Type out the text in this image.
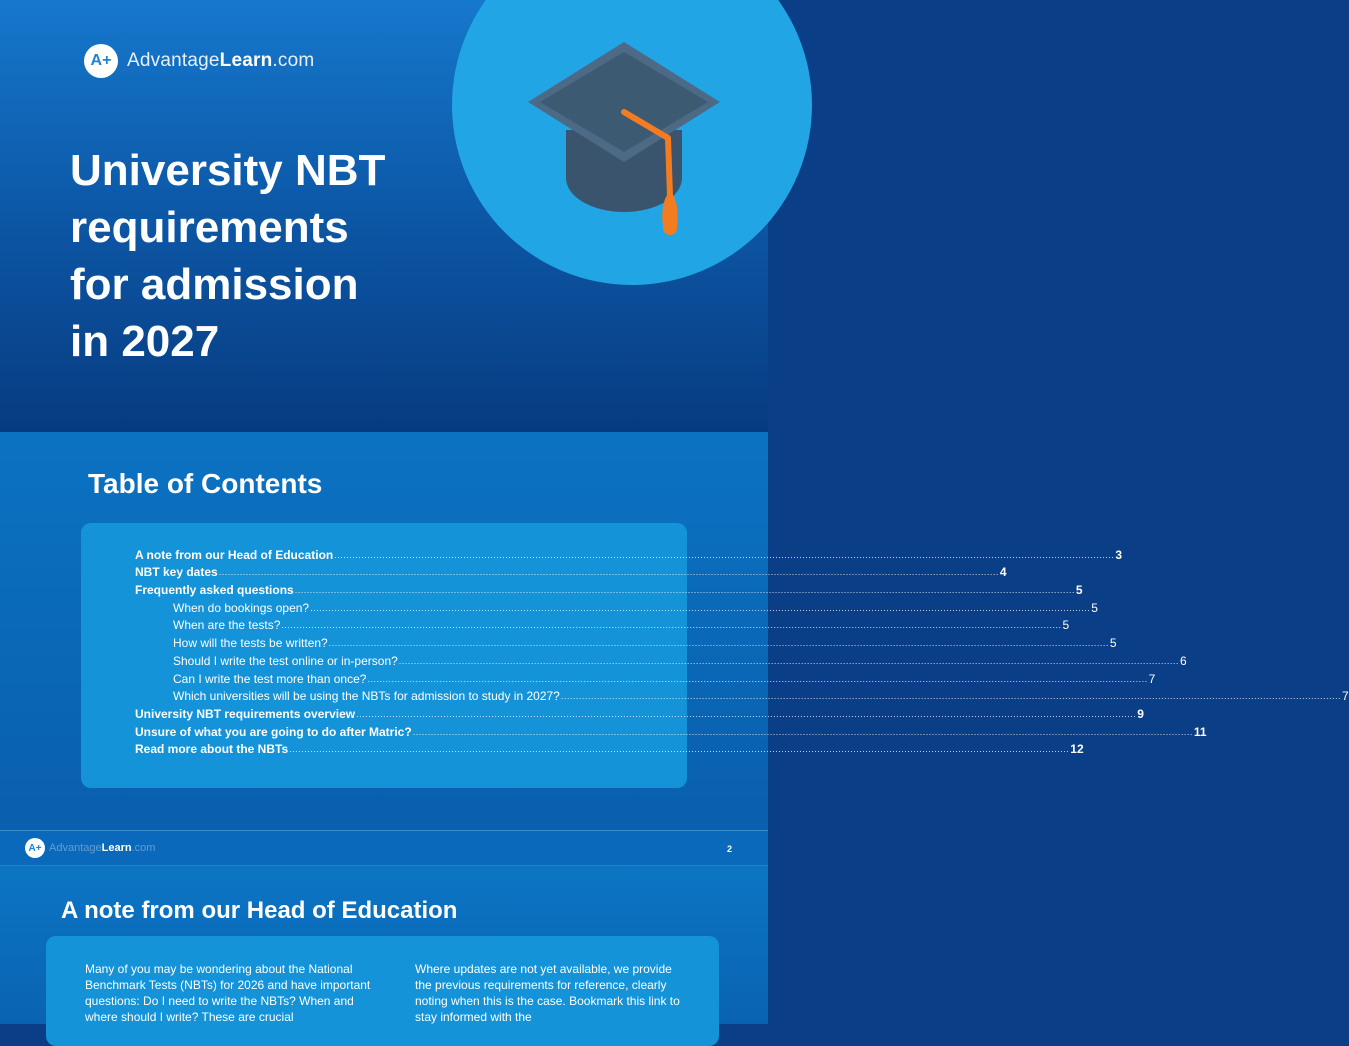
A+ AdvantageLearn.com
University NBT
requirements
for admission
in 2027
Table of Contents
A note from our Head of Education .................................................................................................................................................................................................................................................................... 3
NBT key dates .................................................................................................................................................................................................................................................................... 4
Frequently asked questions .................................................................................................................................................................................................................................................................... 5
When do bookings open? .................................................................................................................................................................................................................................................................... 5
When are the tests? .................................................................................................................................................................................................................................................................... 5
How will the tests be written? .................................................................................................................................................................................................................................................................... 5
Should I write the test online or in-person? .................................................................................................................................................................................................................................................................... 6
Can I write the test more than once? .................................................................................................................................................................................................................................................................... 7
Which universities will be using the NBTs for admission to study in 2027? .................................................................................................................................................................................................................................................................... 7
University NBT requirements overview .................................................................................................................................................................................................................................................................... 9
Unsure of what you are going to do after Matric? .................................................................................................................................................................................................................................................................... 11
Read more about the NBTs .................................................................................................................................................................................................................................................................... 12
A+ AdvantageLearn.com	2
A note from our Head of Education

Many of you may be wondering about the National Benchmark Tests (NBTs) for 2026 and have important questions: Do I need to write the NBTs? When and where should I write? These are crucial

Where updates are not yet available, we provide the previous requirements for reference, clearly noting when this is the case. Bookmark this link to stay informed with the
